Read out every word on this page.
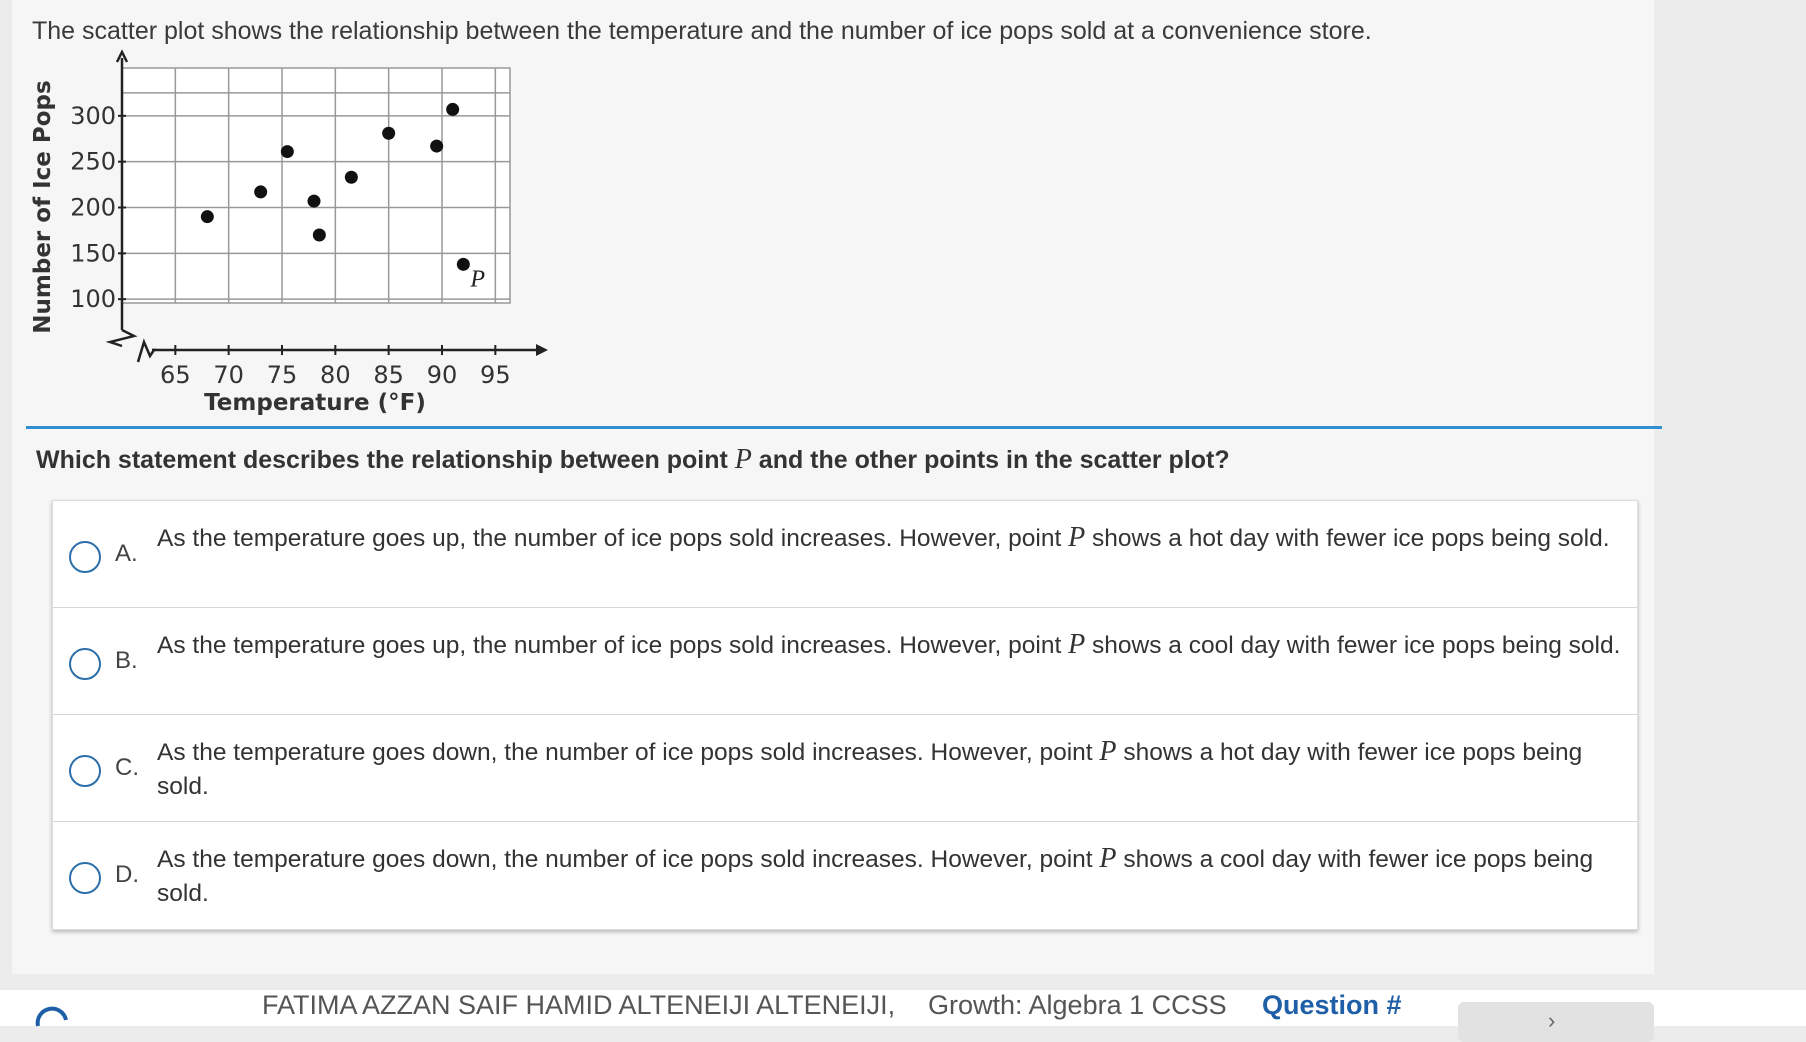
The scatter plot shows the relationship between the temperature and the number of ice pops sold at a convenience store.
65 70 75 80 85 90 95
100
150
200
250
300
P
Number of Ice Pops
Temperature (°F)
Which statement describes the relationship between point P and the other points in the scatter plot?
A.
As the temperature goes up, the number of ice pops sold increases. However, point P shows a hot day with fewer ice pops being sold.
B.
As the temperature goes up, the number of ice pops sold increases. However, point P shows a cool day with fewer ice pops being sold.
C.
As the temperature goes down, the number of ice pops sold increases. However, point P shows a hot day with fewer ice pops being sold.
D.
As the temperature goes down, the number of ice pops sold increases. However, point P shows a cool day with fewer ice pops being sold.
FATIMA AZZAN SAIF HAMID ALTENEIJI ALTENEIJI, Growth: Algebra 1 CCSS Question #
›
